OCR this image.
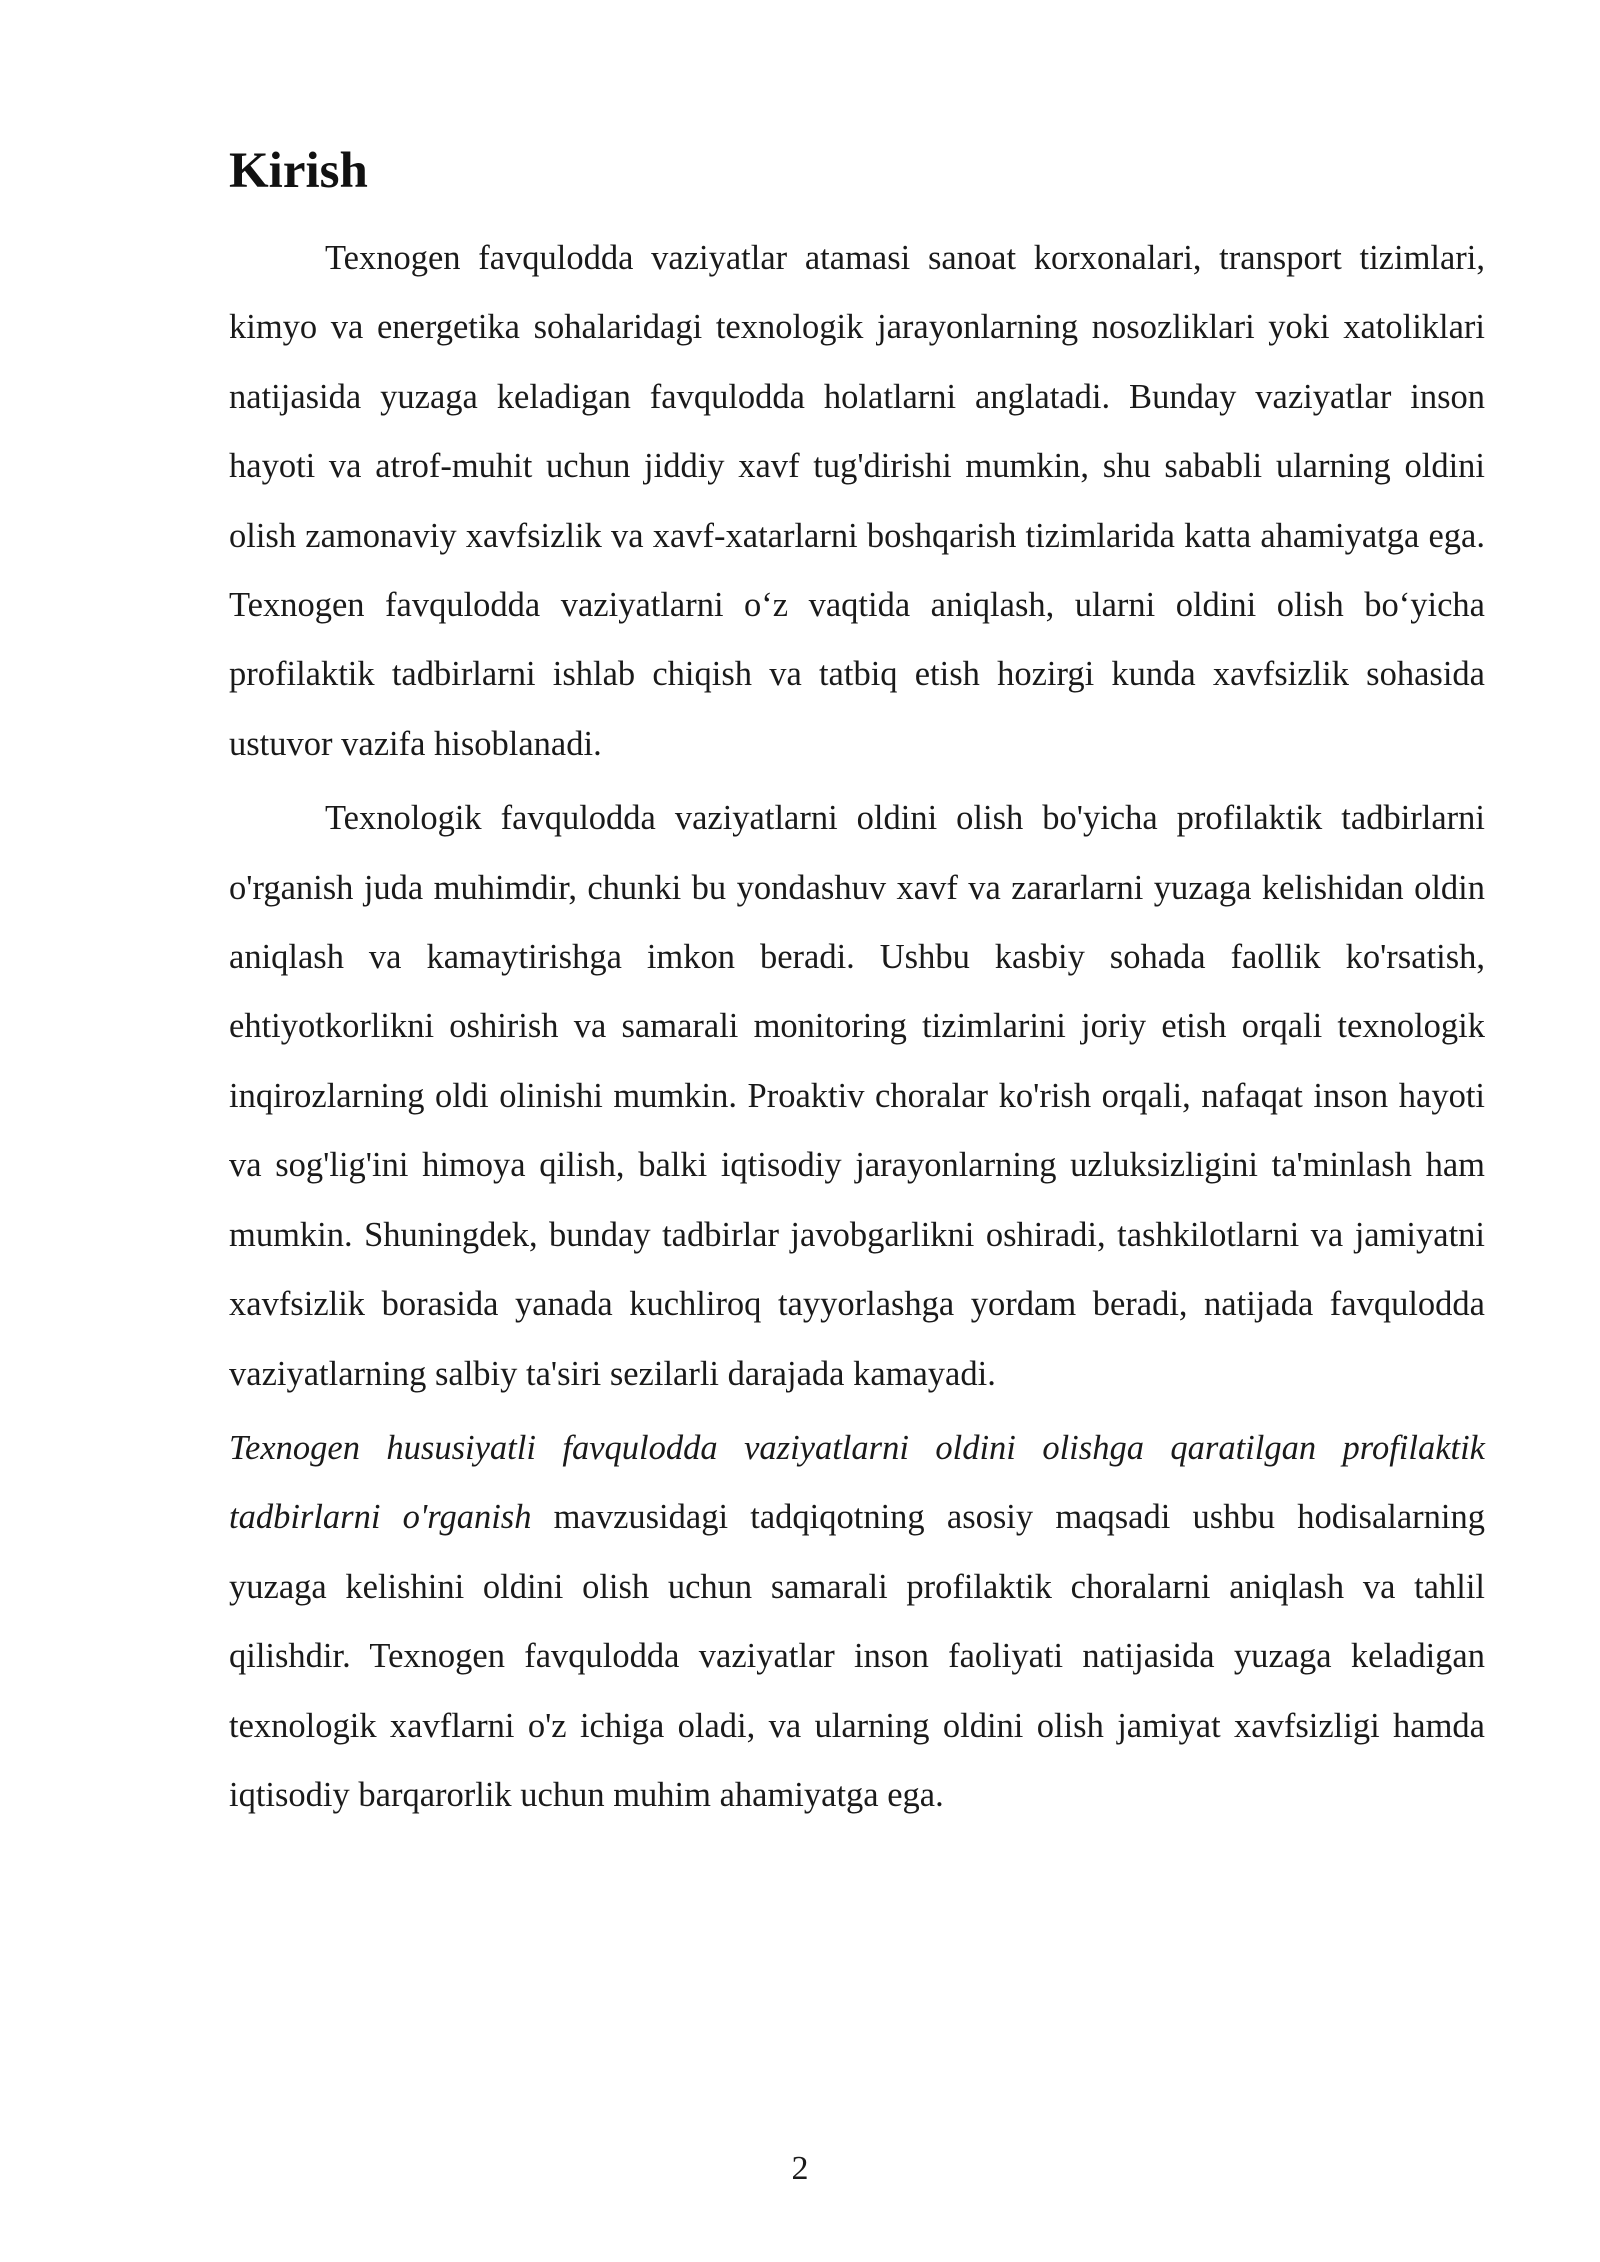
Kirish

Texnogen favqulodda vaziyatlar atamasi sanoat korxonalari, transport tizimlari, kimyo va energetika sohalaridagi texnologik jarayonlarning nosozliklari yoki xatoliklari natijasida yuzaga keladigan favqulodda holatlarni anglatadi. Bunday vaziyatlar inson hayoti va atrof-muhit uchun jiddiy xavf tug'dirishi mumkin, shu sababli ularning oldini olish zamonaviy xavfsizlik va xavf-xatarlarni boshqarish tizimlarida katta ahamiyatga ega. Texnogen favqulodda vaziyatlarni o‘z vaqtida aniqlash, ularni oldini olish bo‘yicha profilaktik tadbirlarni ishlab chiqish va tatbiq etish hozirgi kunda xavfsizlik sohasida ustuvor vazifa hisoblanadi.

Texnologik favqulodda vaziyatlarni oldini olish bo'yicha profilaktik tadbirlarni o'rganish juda muhimdir, chunki bu yondashuv xavf va zararlarni yuzaga kelishidan oldin aniqlash va kamaytirishga imkon beradi. Ushbu kasbiy sohada faollik ko'rsatish, ehtiyotkorlikni oshirish va samarali monitoring tizimlarini joriy etish orqali texnologik inqirozlarning oldi olinishi mumkin. Proaktiv choralar ko'rish orqali, nafaqat inson hayoti va sog'lig'ini himoya qilish, balki iqtisodiy jarayonlarning uzluksizligini ta'minlash ham mumkin. Shuningdek, bunday tadbirlar javobgarlikni oshiradi, tashkilotlarni va jamiyatni xavfsizlik borasida yanada kuchliroq tayyorlashga yordam beradi, natijada favqulodda vaziyatlarning salbiy ta'siri sezilarli darajada kamayadi.

Texnogen hususiyatli favqulodda vaziyatlarni oldini olishga qaratilgan profilaktik tadbirlarni o'rganish mavzusidagi tadqiqotning asosiy maqsadi ushbu hodisalarning yuzaga kelishini oldini olish uchun samarali profilaktik choralarni aniqlash va tahlil qilishdir. Texnogen favqulodda vaziyatlar inson faoliyati natijasida yuzaga keladigan texnologik xavflarni o'z ichiga oladi, va ularning oldini olish jamiyat xavfsizligi hamda iqtisodiy barqarorlik uchun muhim ahamiyatga ega.

2
